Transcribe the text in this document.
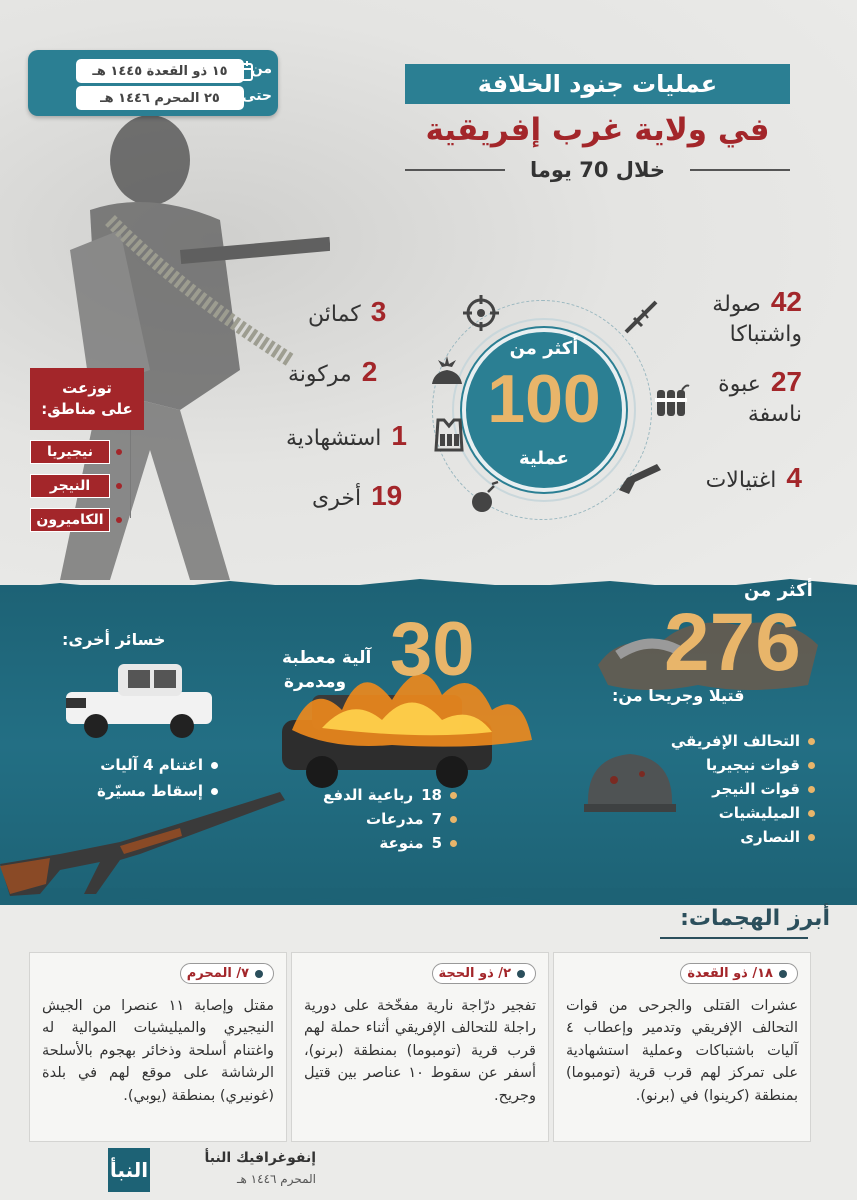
١٥ ذو القعدة ١٤٤٥ هـ	من
٢٥ المحرم ١٤٤٦ هـ	حتى	عمليات جنود الخلافة
في ولاية غرب إفريقية
خلال 70 يوما
أكثر من
100
عملية
42
صولة
واشتباكا
27
عبوة
ناسفة
4
اغتيالات
3
كمائن
2
مركونة
1
استشهادية
19
أخرى
توزعت
على مناطق:
نيجيريا
النيجر
الكاميرون
أكثر من
276
قتيلا وجريحا من:
التحالف الإفريقي
قوات نيجيريا
قوات النيجر
الميليشيات
النصارى
30
آلية معطبة
ومدمرة
18
رباعية الدفع
7
مدرعات
5
منوعة
خسائر أخرى:
اغتنام 4 آليات
إسقاط مسيّرة
أبرز الهجمات:
١٨/ ذو القعدة
عشرات القتلى والجرحى من قوات التحالف الإفريقي وتدمير وإعطاب ٤ آليات باشتباكات وعملية استشهادية على تمركز لهم قرب قرية (تومبوما) بمنطقة (كرينوا) في (برنو).
٢/ ذو الحجة
تفجير درّاجة نارية مفخّخة على دورية راجلة للتحالف الإفريقي أثناء حملة لهم قرب قرية (تومبوما) بمنطقة (برنو)، أسفر عن سقوط ١٠ عناصر بين قتيل وجريح.
٧/ المحرم
مقتل وإصابة ١١ عنصرا من الجيش النيجيري والميليشيات الموالية له واغتنام أسلحة وذخائر بهجوم بالأسلحة الرشاشة على موقع لهم في بلدة (غونيري) بمنطقة (يوبي).
النبأ	إنفوغرافيك النبأ
المحرم ١٤٤٦ هـ
